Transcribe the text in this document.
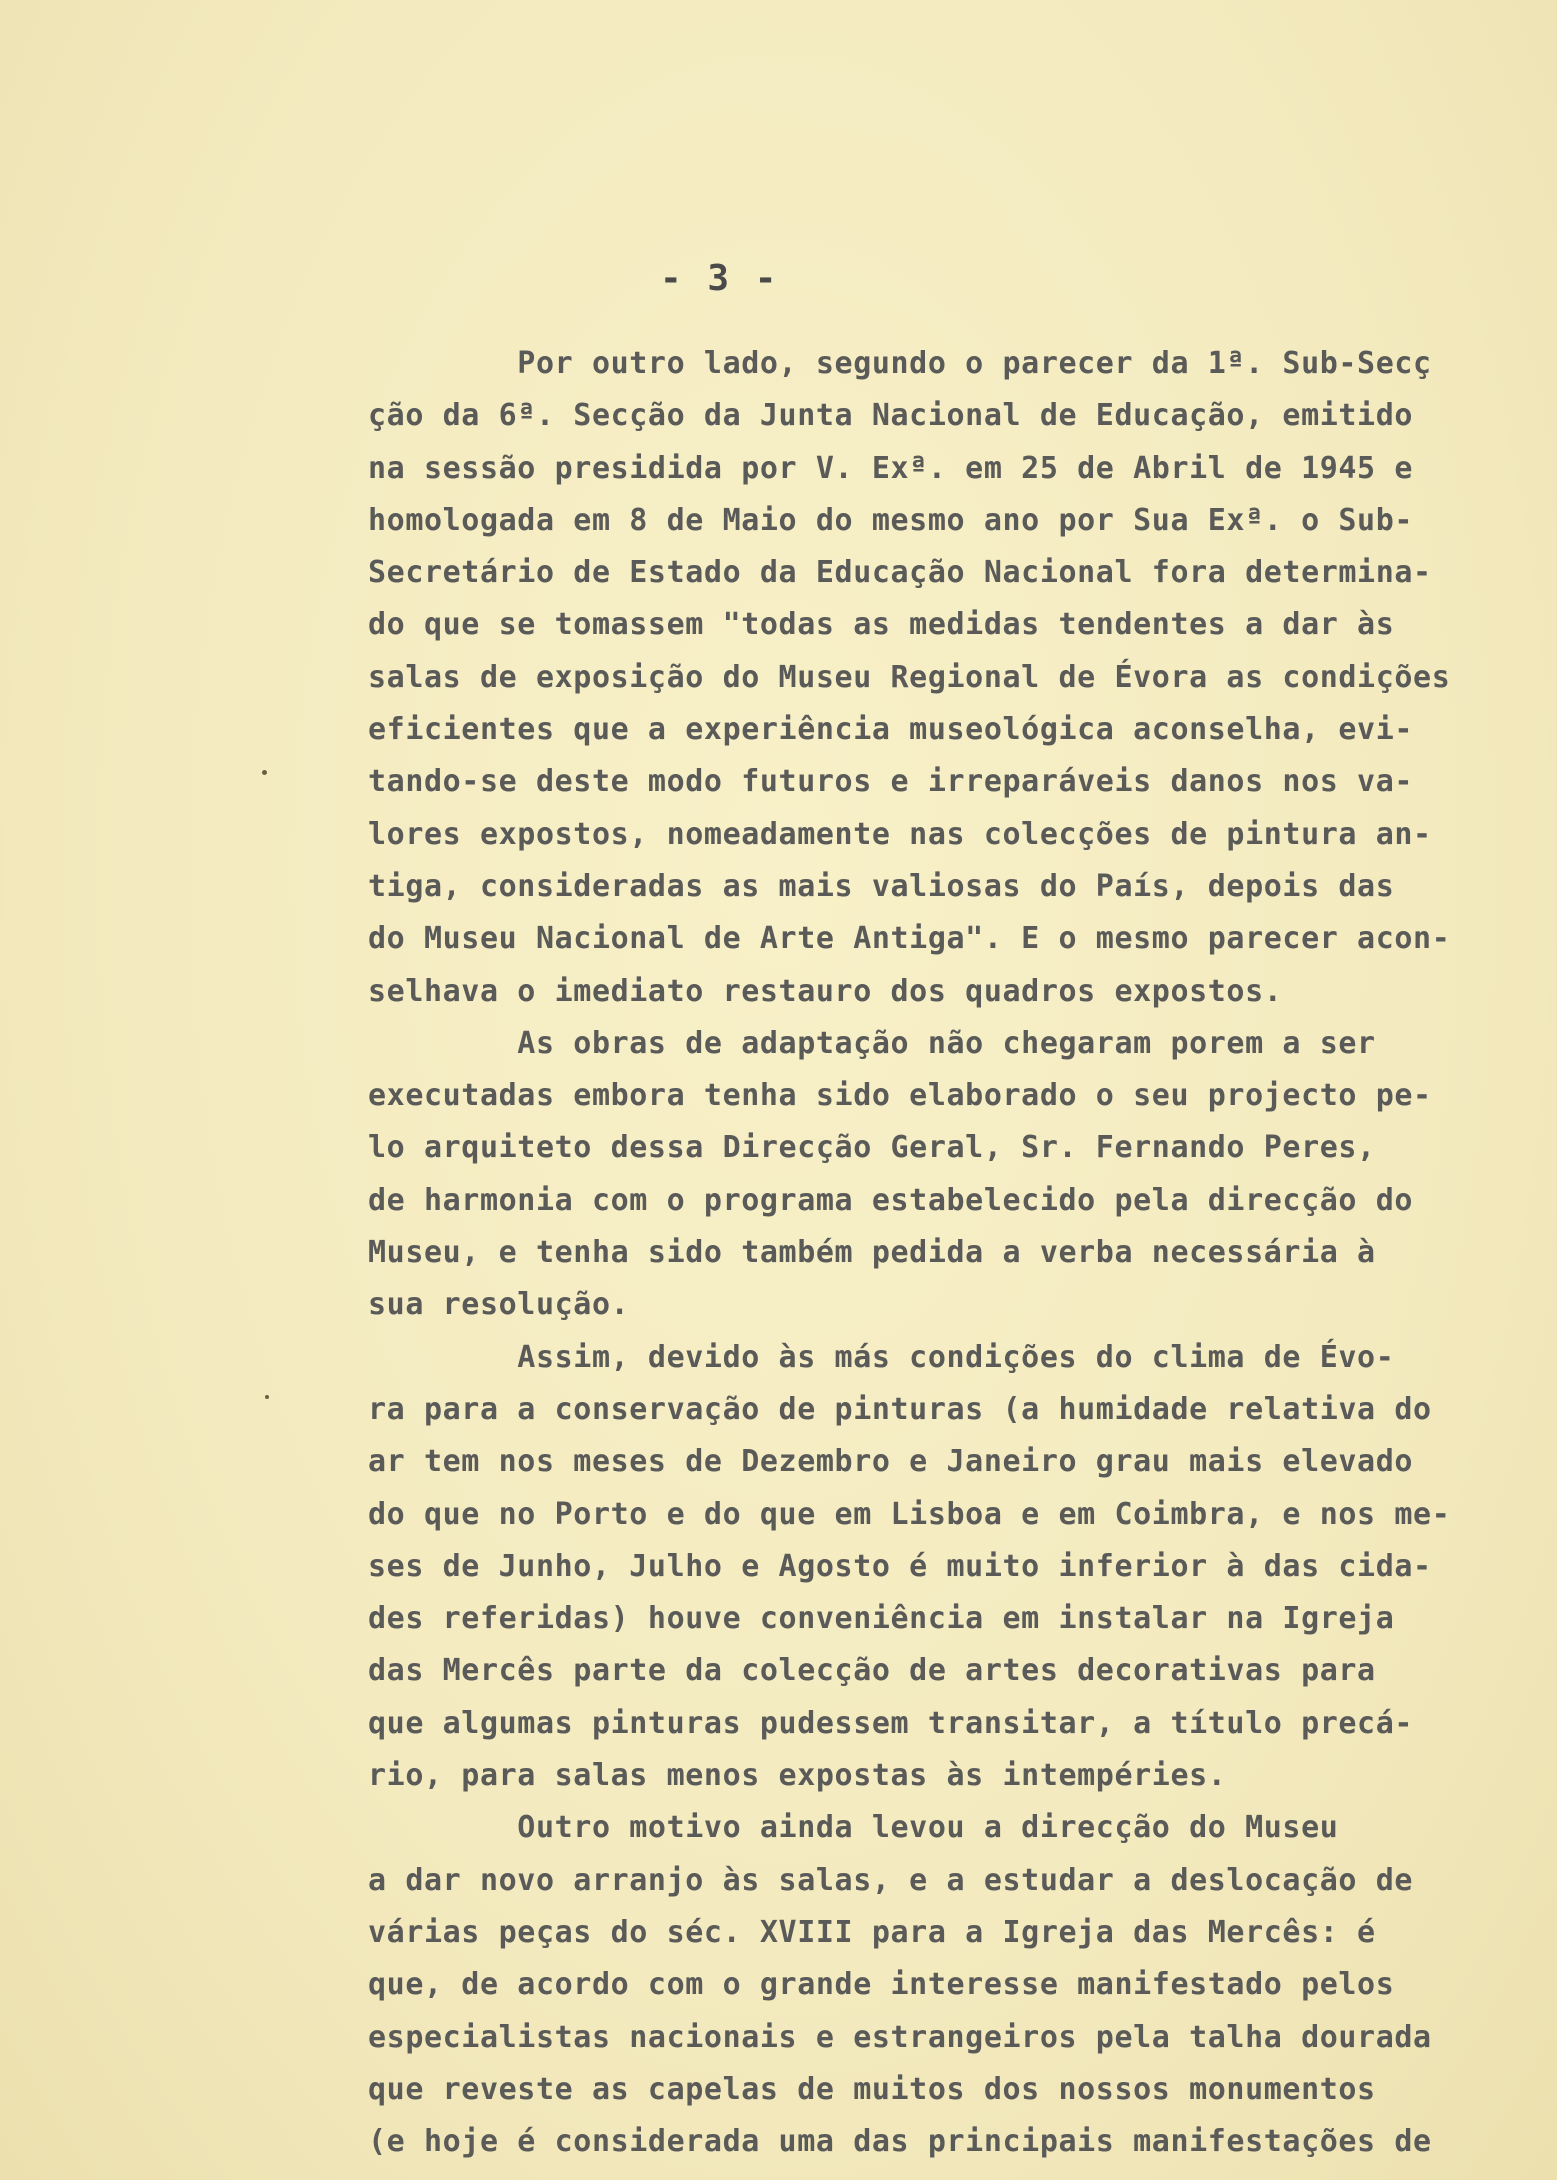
- 3 -
Por outro lado, segundo o parecer da 1ª. Sub-Secç
ção da 6ª. Secção da Junta Nacional de Educação, emitido
na sessão presidida por V. Exª. em 25 de Abril de 1945 e
homologada em 8 de Maio do mesmo ano por Sua Exª. o Sub-
Secretário de Estado da Educação Nacional fora determina-
do que se tomassem "todas as medidas tendentes a dar às
salas de exposição do Museu Regional de Évora as condições
eficientes que a experiência museológica aconselha, evi-
tando-se deste modo futuros e irreparáveis danos nos va-
lores expostos, nomeadamente nas colecções de pintura an-
tiga, consideradas as mais valiosas do País, depois das
do Museu Nacional de Arte Antiga". E o mesmo parecer acon-
selhava o imediato restauro dos quadros expostos.
As obras de adaptação não chegaram porem a ser
executadas embora tenha sido elaborado o seu projecto pe-
lo arquiteto dessa Direcção Geral, Sr. Fernando Peres,
de harmonia com o programa estabelecido pela direcção do
Museu, e tenha sido também pedida a verba necessária à
sua resolução.
Assim, devido às más condições do clima de Évo-
ra para a conservação de pinturas (a humidade relativa do
ar tem nos meses de Dezembro e Janeiro grau mais elevado
do que no Porto e do que em Lisboa e em Coimbra, e nos me-
ses de Junho, Julho e Agosto é muito inferior à das cida-
des referidas) houve conveniência em instalar na Igreja
das Mercês parte da colecção de artes decorativas para
que algumas pinturas pudessem transitar, a título precá-
rio, para salas menos expostas às intempéries.
Outro motivo ainda levou a direcção do Museu
a dar novo arranjo às salas, e a estudar a deslocação de
várias peças do séc. XVIII para a Igreja das Mercês: é
que, de acordo com o grande interesse manifestado pelos
especialistas nacionais e estrangeiros pela talha dourada
que reveste as capelas de muitos dos nossos monumentos
(e hoje é considerada uma das principais manifestações de
